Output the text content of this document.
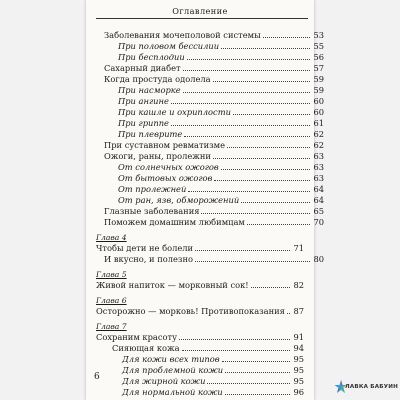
Оглавление
Заболевания мочеполовой системы	53
При половом бессилии	55
При бесплодии	56
Сахарный диабет	57
Когда простуда одолела	59
При насморке	59
При ангине	60
При кашле и охриплости	60
При гриппе	61
При плеврите	62
При суставном ревматизме	62
Ожоги, раны, пролежни	63
От солнечных ожогов	63
От бытовых ожогов	63
От пролежней	64
От ран, язв, обморожений	64
Глазные заболевания	65
Поможем домашним любимцам	70
Глава 4
Чтобы дети не болели	71
И вкусно, и полезно	80
Глава 5
Живой напиток — морковный сок!	82
Глава 6
Осторожно — морковь! Противопоказания 87
Глава 7
Сохраним красоту	91
Сияющая кожа	94
Для кожи всех типов	95
Для проблемной кожи	95
Для жирной кожи	95
Для нормальной кожи	96
6
ЛАВКА БАБУИН
